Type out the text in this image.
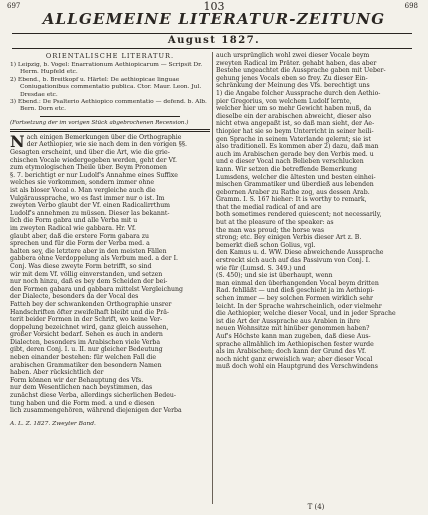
697	698
103
ALLGEMEINE LITERATUR-ZEITUNG
August 1827.
ORIENTALISCHE LITERATUR.

1) Leipzig, b. Vogel: Enarrationum Aethiopicarum — Scripsit Dr. Herm. Hupfeld etc.

2) Ebend., b. Breitkopf u. Härtel: De aethiopicae linguae Coniugationibus commentatio publica. Ctor. Maur. Leon. Jul. Dresdae etc.

3) Ebend.: De Psalterio Aethiopico commentatio — defend. b. Alb. Bern. Dorn etc.

(Fortsetzung der im vorigen Stück abgebrochenen Recension.)

N ach einigen Bemerkungen über die Orthographie
der Aethiopier, wie sie nach dem in den vorigen §§.
Gesagten erscheint, und über die Art, wie die grie-
chischen Vocale wiedergegeben werden, geht der Vf.
zum etymologischen Theile über. Beym Pronomen
§. 7. berichtigt er nur Ludolf's Annahme eines Suffixe
welches sie vorkommen, sondern immer ohne
ist als bloser Vocal o. Man vergleiche auch die
Vulgäraussprache, wo es fast immer nur o ist. Im
zweyten Verbo glaubt der Vf. einen Radicalirrthum
Ludolf's annehmen zu müssen. Dieser las bekannt-
lich die Form gabra und alle Verba mit u
im zweyten Radical wie gabbara. Hr. Vf.
glaubt aber, daß die erstere Form gabara zu
sprechen und für die Form der Verba med. a
halten sey, die letztere aber in den meisten Fällen
gabbera ohne Verdoppelung als Verbum med. a der I.
Conj. Was diese zweyte Form betrifft, so sind
wir mit dem Vf. völlig einverstanden, und setzen
nur noch hinzu, daß es bey dem Scheiden der bei-
den Formen gabara und gabbara mittelst Vergleichung
der Dialecte, besonders da der Vocal des
Fatteh bey der schwankenden Orthographie unsrer
Handschriften öfter zweifelhaft bleibt und die Prä-
terit beider Formen in der Schrift, wo keine Ver-
doppelung bezeichnet wird, ganz gleich aussehen,
großer Vorsicht bedarf. Sehen es auch in andern
Dialecten, besonders im Arabischen viele Verba
gibt, deren Conj. I. u. II. nur gleicher Bedeutung
neben einander bestehen: für welchen Fall die
arabischen Grammatiker den besondern Namen
haben. Aber rücksichtlich der
Form können wir der Behauptung des Vfs.
nur dem Wesentlichen nach beystimmen, das
zunächst diese Verba, allerdings sicherlichen Bedeu-
tung haben und die Form med. a und e diesen
lich zusammengehören, während diejenigen der Verba
A. L. Z. 1827. Zweyter Band.
auch ursprünglich wohl zwei dieser Vocale beym
zweyten Radical im Präter. gehabt haben, das aber
Bestehe ungeachtet die Aussprache gaben mit Ueber-
gehung jenes Vocals eben so frey. Zu dieser Ein-
schränkung der Meinung des Vfs. berechtigt uns
1) die Angabe folcher Aussprache durch den Aethio-
pier Gregorius, von welchem Ludolf lernte,
welcher hier um so mehr Gewicht haben muß, da
dieselbe ein der arabischen abweicht, dieser also
nicht etwa angepaßt ist, so daß man sieht, der Ae-
thiopier hat sie so beym Unterricht in seiner heili-
gen Sprache in seinem Vaterlande gelernt; sie ist
also traditionell. Es kommen aber 2) dazu, daß man
auch im Arabischen gerade bey den Verbis med. u
und e dieser Vocal nach Belieben verschlucken
kann. Wir setzen die betreffende Bemerkung
Lumsdens, welcher die ältesten und besten einhei-
mischen Grammatiker und überdieß aus lebenden
gebornen Araber zu Rathe zog, aus dessen Arab.
Gramm. I. S. 167 hieher: It is worthy to remark,
that the medial radical of and are
both sometimes rendered quiescent; not necessarily,
but at the pleasure of the speaker: as
the man was proud; the horse was
strong; etc. Bey einigen Verbis dieser Art z. B.
bemerkt dieß schon Golius, vgl.
den Kamus u. d. WW. Diese abweichende Aussprache
erstreckt sich auch auf das Passivum von Conj. I.
wie für (Lumsd. S. 349.) und
(S. 450); und sie ist überhaupt, wenn
man einmal den überhangenden Vocal beym dritten
Rad. fehlläßt — und dieß geschieht ja im Aethiopi-
schen immer — bey solchen Formen wirklich sehr
leicht. In der Sprache wahrscheinlich, oder vielmehr
die Aethiopier, welche dieser Vocal, und in jeder Sprache
ist die Art der Aussprache aus Arabien in ihre
neuen Wohnsitze mit hinüber genommen haben?
Auf's Höchste kann man zugeben, daß diese Aus-
sprache allmählich im Aethiopischen fester wurde
als im Arabischen; doch kann der Grund des Vf.
noch nicht ganz erweislich war; aber dieser Vocal
muß doch wohl ein Hauptgrund des Verschwindens
T (4)
